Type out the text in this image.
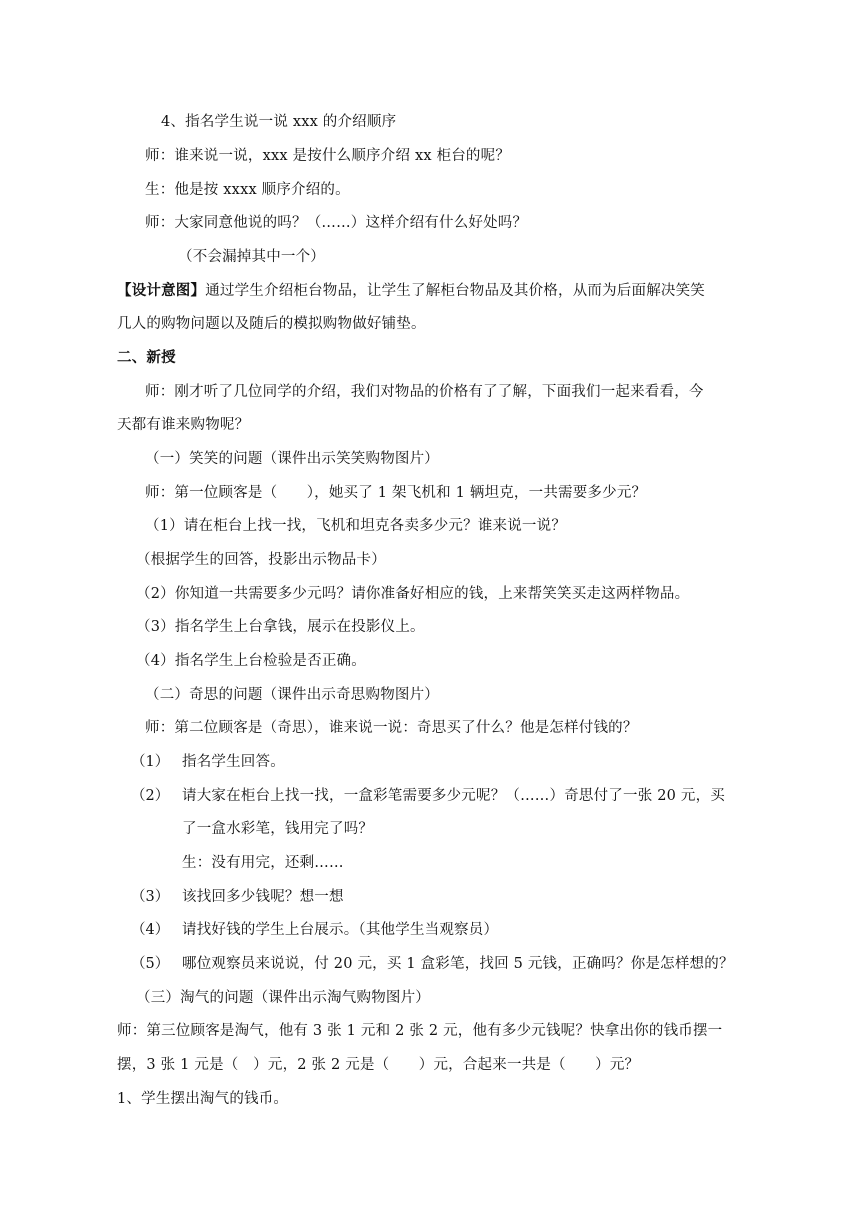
4、指名学生说一说 xxx 的介绍顺序
师：谁来说一说，xxx 是按什么顺序介绍 xx 柜台的呢？
生：他是按 xxxx 顺序介绍的。
师：大家同意他说的吗？（……）这样介绍有什么好处吗？
（不会漏掉其中一个）
【设计意图】通过学生介绍柜台物品，让学生了解柜台物品及其价格，从而为后面解决笑笑
几人的购物问题以及随后的模拟购物做好铺垫。
二、新授
师：刚才听了几位同学的介绍，我们对物品的价格有了了解，下面我们一起来看看，今
天都有谁来购物呢？
（一）笑笑的问题（课件出示笑笑购物图片）
师：第一位顾客是（　　），她买了 1 架飞机和 1 辆坦克，一共需要多少元？
（1）请在柜台上找一找，飞机和坦克各卖多少元？谁来说一说？
（根据学生的回答，投影出示物品卡）
（2）你知道一共需要多少元吗？请你准备好相应的钱，上来帮笑笑买走这两样物品。
（3）指名学生上台拿钱，展示在投影仪上。
（4）指名学生上台检验是否正确。
（二）奇思的问题（课件出示奇思购物图片）
师：第二位顾客是（奇思），谁来说一说：奇思买了什么？他是怎样付钱的？
（1） 指名学生回答。
（2） 请大家在柜台上找一找，一盒彩笔需要多少元呢？（……）奇思付了一张 20 元，买
了一盒水彩笔，钱用完了吗？
生：没有用完，还剩……
（3） 该找回多少钱呢？想一想
（4） 请找好钱的学生上台展示。（其他学生当观察员）
（5） 哪位观察员来说说，付 20 元，买 1 盒彩笔，找回 5 元钱，正确吗？你是怎样想的？
（三）淘气的问题（课件出示淘气购物图片）
师：第三位顾客是淘气，他有 3 张 1 元和 2 张 2 元，他有多少元钱呢？快拿出你的钱币摆一
摆，3 张 1 元是（　）元，2 张 2 元是（　　）元，合起来一共是（　　）元？
1、学生摆出淘气的钱币。
